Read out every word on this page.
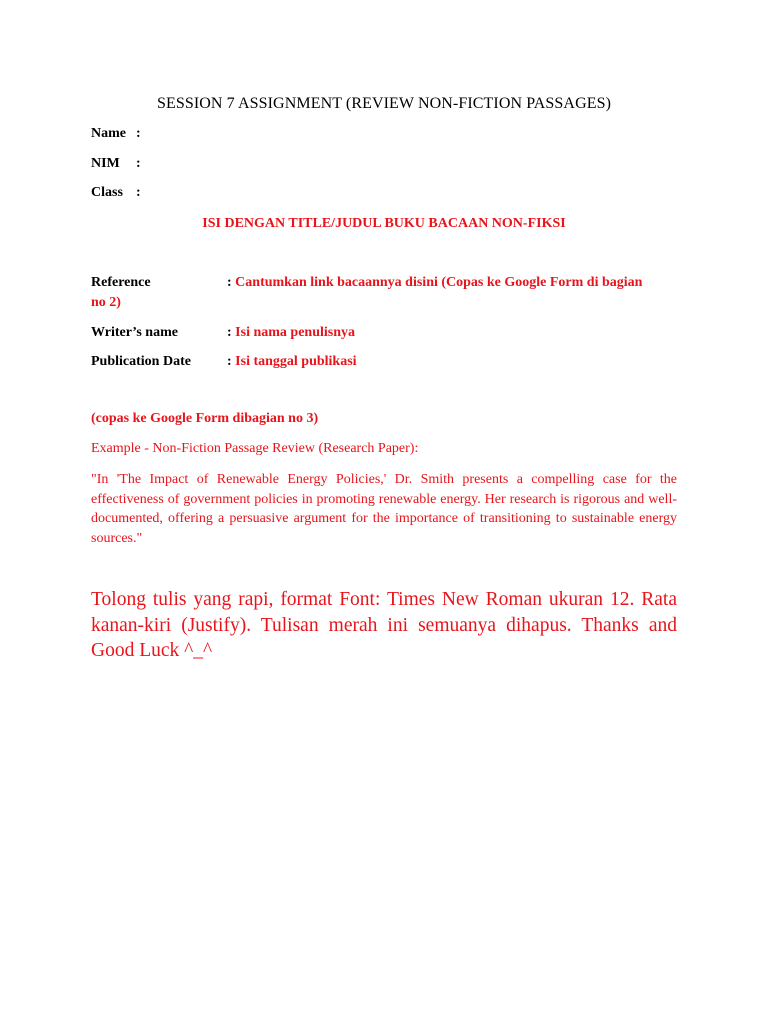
SESSION 7 ASSIGNMENT (REVIEW NON-FICTION PASSAGES)
Name :
NIM :
Class :
ISI DENGAN TITLE/JUDUL BUKU BACAAN NON-FIKSI
Reference	: Cantumkan link bacaannya disini (Copas ke Google Form di bagian
no 2)
Writer’s name	: Isi nama penulisnya
Publication Date	: Isi tanggal publikasi
(copas ke Google Form dibagian no 3)
Example - Non-Fiction Passage Review (Research Paper):
"In 'The Impact of Renewable Energy Policies,' Dr. Smith presents a compelling case for the effectiveness of government policies in promoting renewable energy. Her research is rigorous and well-documented, offering a persuasive argument for the importance of transitioning to sustainable energy sources."
Tolong tulis yang rapi, format Font: Times New Roman ukuran 12. Rata kanan-kiri (Justify). Tulisan merah ini semuanya dihapus. Thanks and Good Luck ^_^
